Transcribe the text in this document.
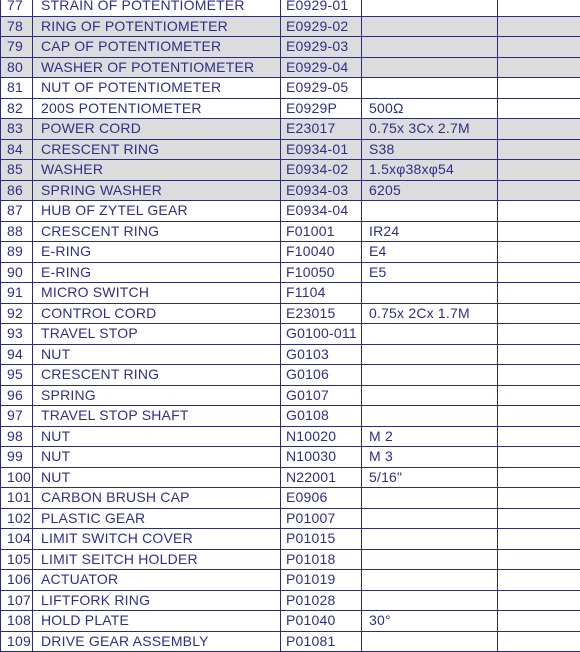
77	STRAIN OF POTENTIOMETER	E0929-01		
78	RING OF POTENTIOMETER	E0929-02		
79	CAP OF POTENTIOMETER	E0929-03		
80	WASHER OF POTENTIOMETER	E0929-04		
81	NUT OF POTENTIOMETER	E0929-05		
82	200S POTENTIOMETER	E0929P	500Ω	
83	POWER CORD	E23017	0.75x 3Cx 2.7M	
84	CRESCENT RING	E0934-01	S38	
85	WASHER	E0934-02	1.5xφ38xφ54	
86	SPRING WASHER	E0934-03	6205	
87	HUB OF ZYTEL GEAR	E0934-04		
88	CRESCENT RING	F01001	IR24	
89	E-RING	F10040	E4	
90	E-RING	F10050	E5	
91	MICRO SWITCH	F1104		
92	CONTROL CORD	E23015	0.75x 2Cx 1.7M	
93	TRAVEL STOP	G0100-011		
94	NUT	G0103		
95	CRESCENT RING	G0106		
96	SPRING	G0107		
97	TRAVEL STOP SHAFT	G0108		
98	NUT	N10020	M 2	
99	NUT	N10030	M 3	
100	NUT	N22001	5/16"	
101	CARBON BRUSH CAP	E0906		
102	PLASTIC GEAR	P01007		
104	LIMIT SWITCH COVER	P01015		
105	LIMIT SEITCH HOLDER	P01018		
106	ACTUATOR	P01019		
107	LIFTFORK RING	P01028		
108	HOLD PLATE	P01040	30°	
109	DRIVE GEAR ASSEMBLY	P01081		
